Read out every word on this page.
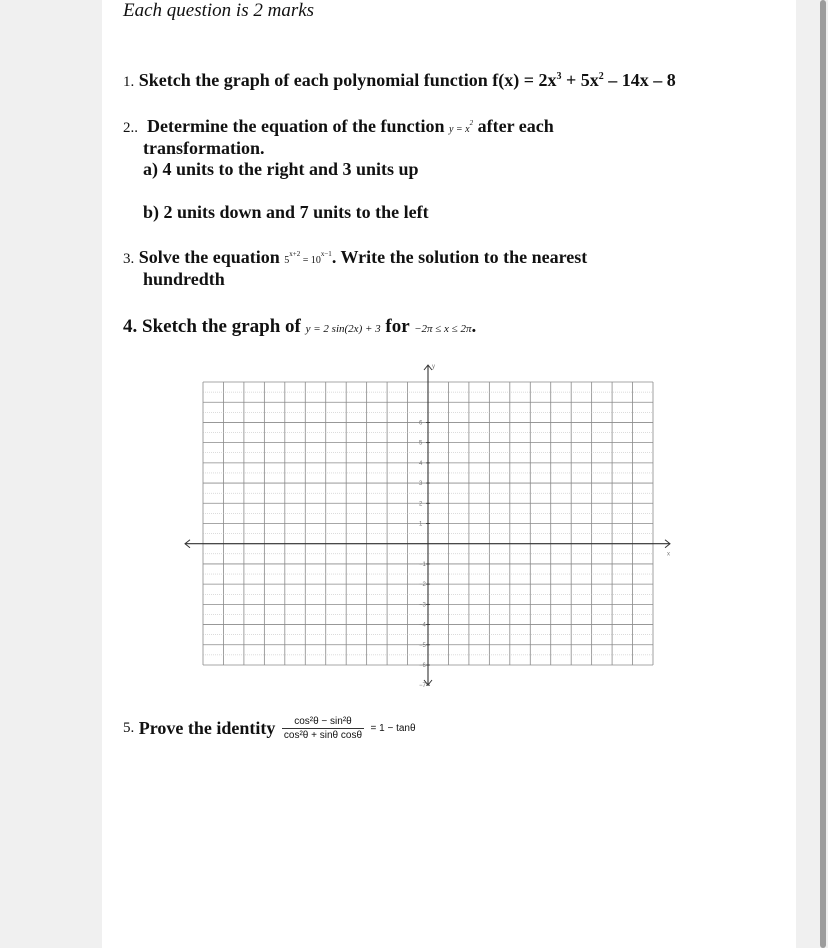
Each question is 2 marks
1. Sketch the graph of each polynomial function $f(x) = 2x^3 + 5x^2 - 14x - 8$
2.. Determine the equation of the function $y = x^2$ after each
transformation.
a) 4 units to the right and 3 units up
b) 2 units down and 7 units to the left
3. Solve the equation $5^{x+2} = 10^{x-1}$. Write the solution to the nearest
hundredth
4. Sketch the graph of y = 2 sin(2x) + 3 for −2π ≤ x ≤ 2π.
y
x
6
5
4
3
2
1
−1
−2
−3
−4
−5
−6
−7
5. Prove the identity $\frac{\text{cos²θ − sin²θ}}{\text{cos²θ + sinθ cosθ}} = 1 - \tan\theta$
